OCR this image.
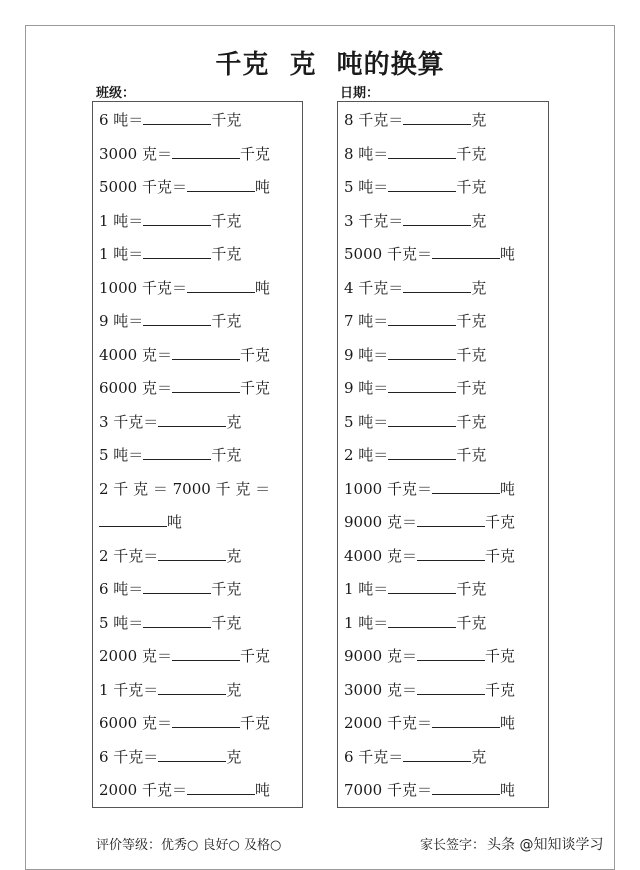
千克  克  吨的换算
班级：	日期：
6 吨＝	千克
3000 克＝	千克
5000 千克＝	吨
1 吨＝	千克
1 吨＝	千克
1000 千克＝	吨
9 吨＝	千克
4000 克＝	千克
6000 克＝	千克
3 千克＝	克
5 吨＝	千克
2 千 克 ＝ 7000 千 克 ＝
吨
2 千克＝	克
6 吨＝	千克
5 吨＝	千克
2000 克＝	千克
1 千克＝	克
6000 克＝	千克
6 千克＝	克
2000 千克＝	吨
8 千克＝	克
8 吨＝	千克
5 吨＝	千克
3 千克＝	克
5000 千克＝	吨
4 千克＝	克
7 吨＝	千克
9 吨＝	千克
9 吨＝	千克
5 吨＝	千克
2 吨＝	千克
1000 千克＝	吨
9000 克＝	千克
4000 克＝	千克
1 吨＝	千克
1 吨＝	千克
9000 克＝	千克
3000 克＝	千克
2000 千克＝	吨
6 千克＝	克
7000 千克＝	吨
评价等级：优秀○ 良好○ 及格○	家长签字： 头条 @知知谈学习
